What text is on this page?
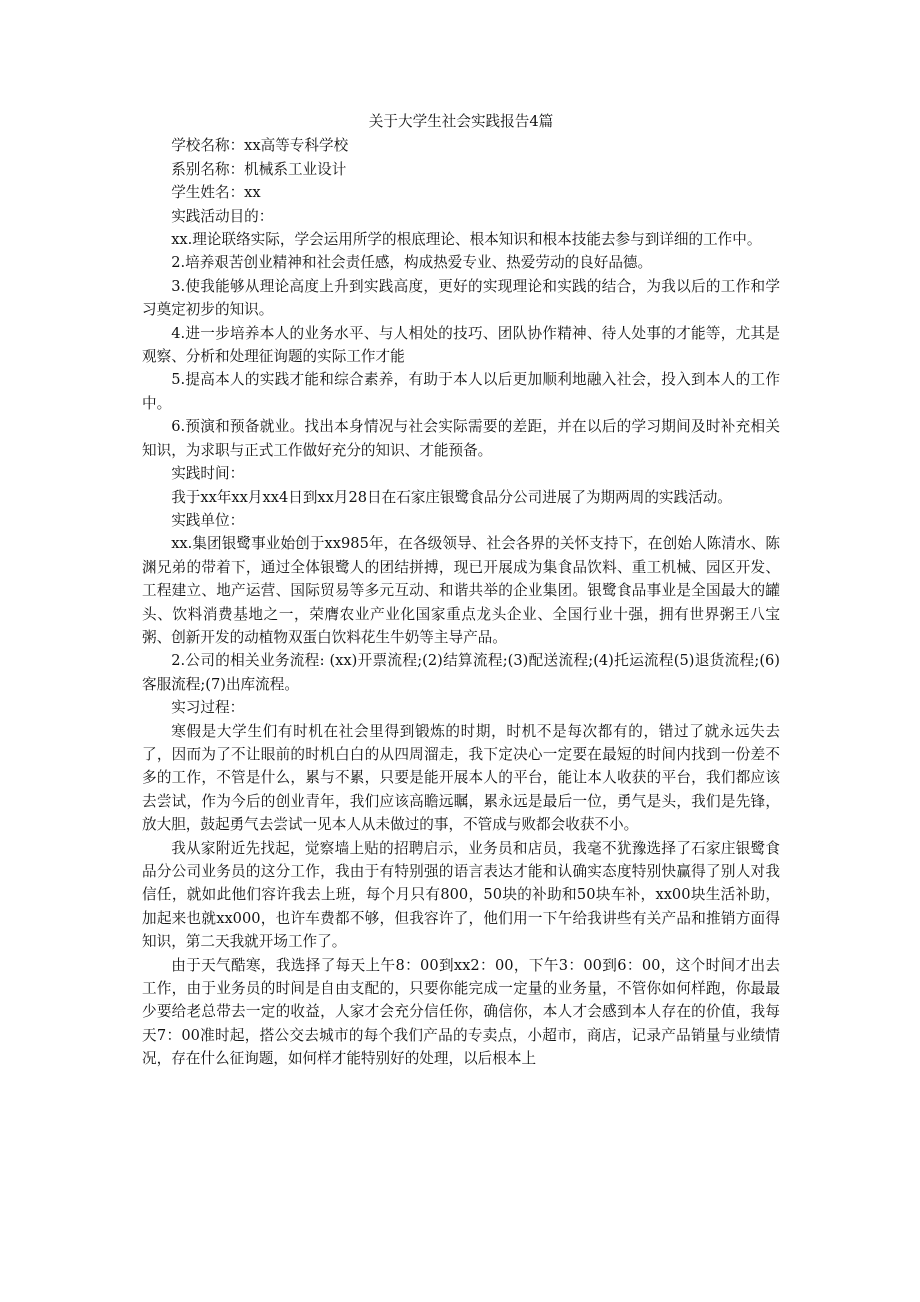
关于大学生社会实践报告4篇

学校名称：xx高等专科学校

系别名称：机械系工业设计

学生姓名：xx

实践活动目的：

xx.理论联络实际，学会运用所学的根底理论、根本知识和根本技能去参与到详细的工作中。

2.培养艰苦创业精神和社会责任感，构成热爱专业、热爱劳动的良好品德。

3.使我能够从理论高度上升到实践高度，更好的实现理论和实践的结合，为我以后的工作和学习奠定初步的知识。

4.进一步培养本人的业务水平、与人相处的技巧、团队协作精神、待人处事的才能等，尤其是观察、分析和处理征询题的实际工作才能

5.提高本人的实践才能和综合素养，有助于本人以后更加顺利地融入社会，投入到本人的工作中。

6.预演和预备就业。找出本身情况与社会实际需要的差距，并在以后的学习期间及时补充相关知识，为求职与正式工作做好充分的知识、才能预备。

实践时间：

我于xx年xx月xx4日到xx月28日在石家庄银鹭食品分公司进展了为期两周的实践活动。

实践单位：

xx.集团银鹭事业始创于xx985年，在各级领导、社会各界的关怀支持下，在创始人陈清水、陈渊兄弟的带着下，通过全体银鹭人的团结拼搏，现已开展成为集食品饮料、重工机械、园区开发、工程建立、地产运营、国际贸易等多元互动、和谐共举的企业集团。银鹭食品事业是全国最大的罐头、饮料消费基地之一，荣膺农业产业化国家重点龙头企业、全国行业十强，拥有世界粥王八宝粥、创新开发的动植物双蛋白饮料花生牛奶等主导产品。

2.公司的相关业务流程: (xx)开票流程;(2)结算流程;(3)配送流程;(4)托运流程(5)退货流程;(6)客服流程;(7)出库流程。

实习过程：

寒假是大学生们有时机在社会里得到锻炼的时期，时机不是每次都有的，错过了就永远失去了，因而为了不让眼前的时机白白的从四周溜走，我下定决心一定要在最短的时间内找到一份差不多的工作，不管是什么，累与不累，只要是能开展本人的平台，能让本人收获的平台，我们都应该去尝试，作为今后的创业青年，我们应该高瞻远瞩，累永远是最后一位，勇气是头，我们是先锋，放大胆，鼓起勇气去尝试一见本人从未做过的事，不管成与败都会收获不小。

我从家附近先找起，觉察墙上贴的招聘启示，业务员和店员，我毫不犹豫选择了石家庄银鹭食品分公司业务员的这分工作，我由于有特别强的语言表达才能和认确实态度特别快赢得了别人对我信任，就如此他们容许我去上班，每个月只有800，50块的补助和50块车补，xx00块生活补助，加起来也就xx000，也许车费都不够，但我容许了，他们用一下午给我讲些有关产品和推销方面得知识，第二天我就开场工作了。

由于天气酷寒，我选择了每天上午8：00到xx2：00，下午3：00到6：00，这个时间才出去工作，由于业务员的时间是自由支配的，只要你能完成一定量的业务量，不管你如何样跑，你最最少要给老总带去一定的收益，人家才会充分信任你，确信你，本人才会感到本人存在的价值，我每天7：00准时起，搭公交去城市的每个我们产品的专卖点，小超市，商店，记录产品销量与业绩情况，存在什么征询题，如何样才能特别好的处理，以后根本上
